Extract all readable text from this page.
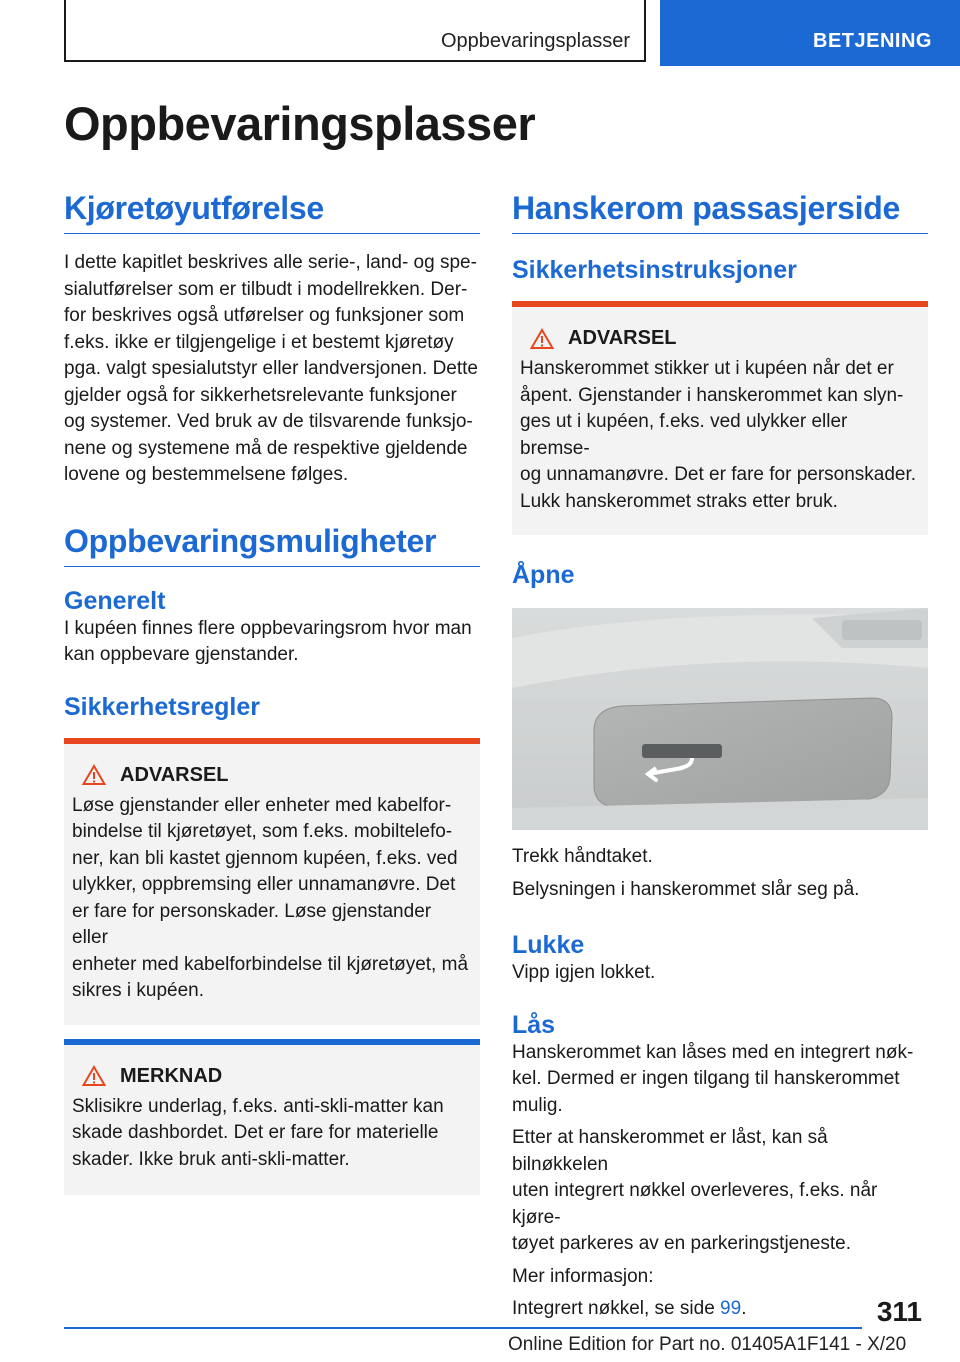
Oppbevaringsplasser	BETJENING
Oppbevaringsplasser
Kjøretøyutførelse

I dette kapitlet beskrives alle serie-, land- og spe-
sialutførelser som er tilbudt i modellrekken. Der-
for beskrives også utførelser og funksjoner som
f.eks. ikke er tilgjengelige i et bestemt kjøretøy
pga. valgt spesialutstyr eller landversjonen. Dette
gjelder også for sikkerhetsrelevante funksjoner
og systemer. Ved bruk av de tilsvarende funksjo-
nene og systemene må de respektive gjeldende
lovene og bestemmelsene følges.

Oppbevaringsmuligheter
Generelt

I kupéen finnes flere oppbevaringsrom hvor man
kan oppbevare gjenstander.

Sikkerhetsregler
ADVARSEL

Løse gjenstander eller enheter med kabelfor-
bindelse til kjøretøyet, som f.eks. mobiltelefo-
ner, kan bli kastet gjennom kupéen, f.eks. ved
ulykker, oppbremsing eller unnamanøvre. Det
er fare for personskader. Løse gjenstander eller
enheter med kabelforbindelse til kjøretøyet, må
sikres i kupéen.

MERKNAD

Sklisikre underlag, f.eks. anti-skli-matter kan
skade dashbordet. Det er fare for materielle
skader. Ikke bruk anti-skli-matter.

Hanskerom passasjerside
Sikkerhetsinstruksjoner
ADVARSEL

Hanskerommet stikker ut i kupéen når det er
åpent. Gjenstander i hanskerommet kan slyn-
ges ut i kupéen, f.eks. ved ulykker eller bremse-
og unnamanøvre. Det er fare for personskader.
Lukk hanskerommet straks etter bruk.

Åpne

Trekk håndtaket.

Belysningen i hanskerommet slår seg på.

Lukke

Vipp igjen lokket.

Lås

Hanskerommet kan låses med en integrert nøk-
kel. Dermed er ingen tilgang til hanskerommet
mulig.

Etter at hanskerommet er låst, kan så bilnøkkelen
uten integrert nøkkel overleveres, f.eks. når kjøre-
tøyet parkeres av en parkeringstjeneste.

Mer informasjon:

Integrert nøkkel, se side 99.	311
Online Edition for Part no. 01405A1F141 - X/20
